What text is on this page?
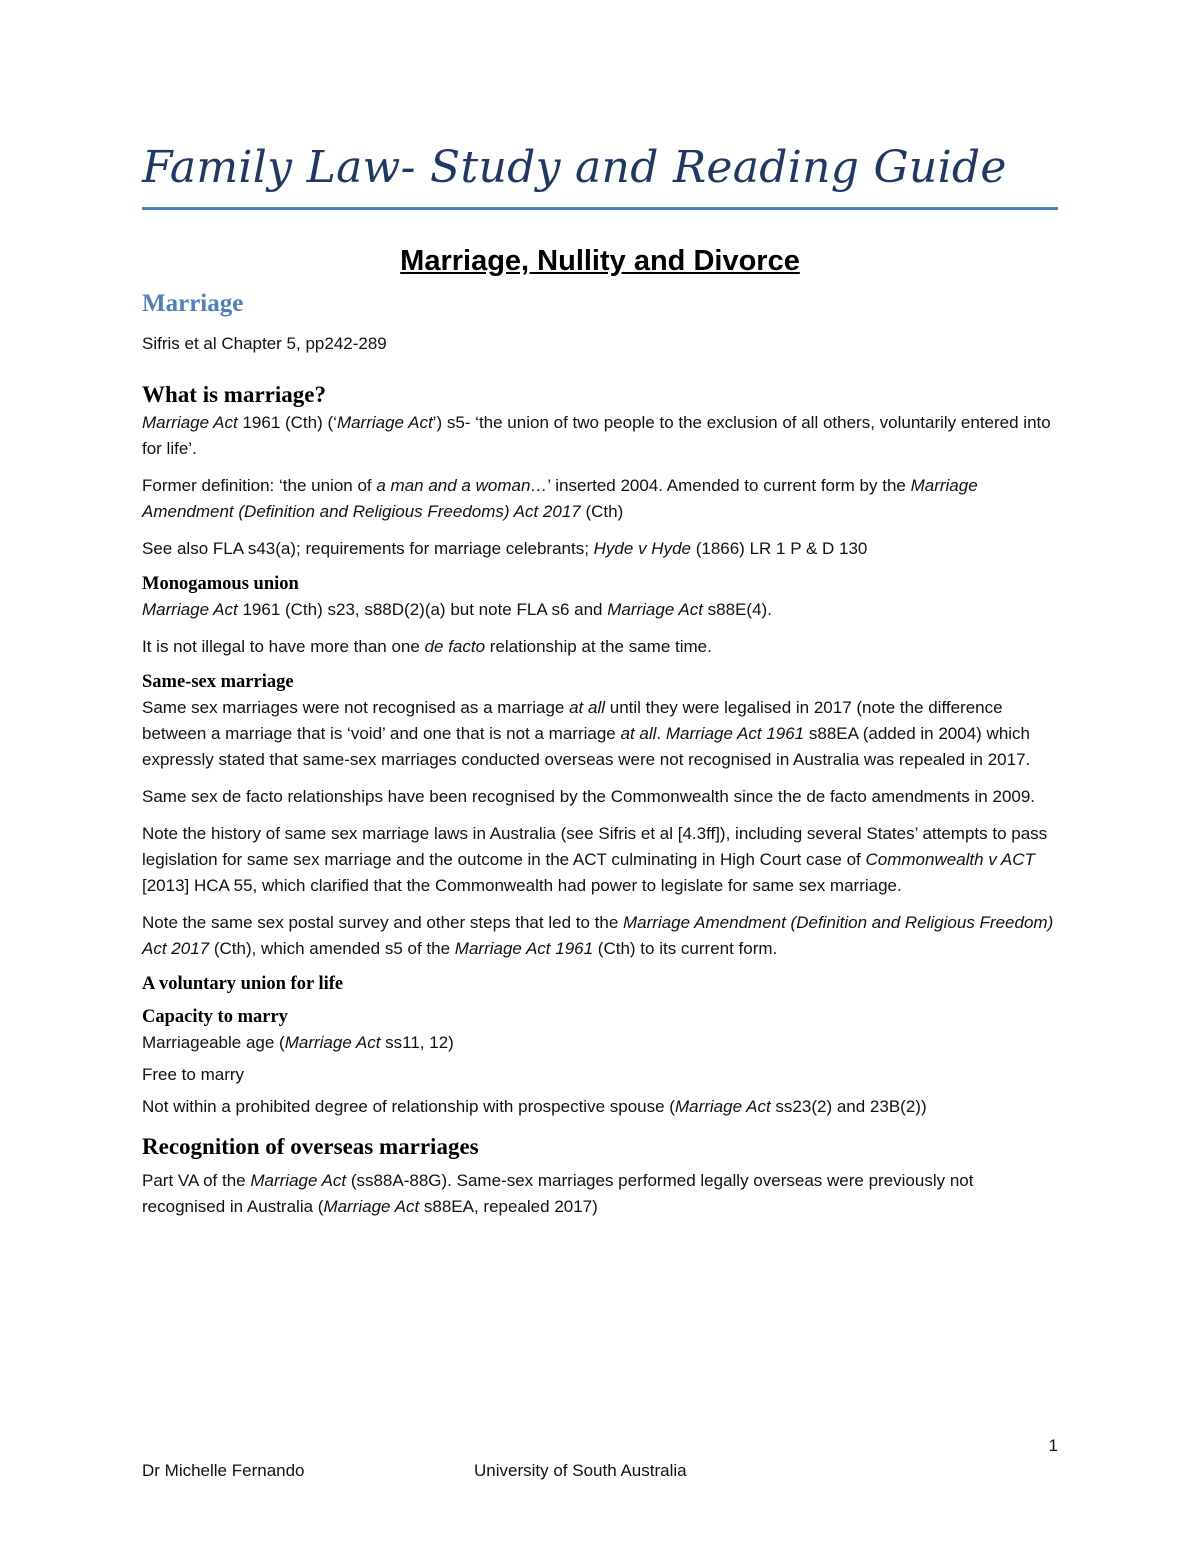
Family Law- Study and Reading Guide
Marriage, Nullity and Divorce
Marriage

Sifris et al Chapter 5, pp242-289

What is marriage?

Marriage Act 1961 (Cth) (‘Marriage Act’) s5- ‘the union of two people to the exclusion of all others, voluntarily entered into for life’.

Former definition: ‘the union of a man and a woman…’ inserted 2004. Amended to current form by the Marriage Amendment (Definition and Religious Freedoms) Act 2017 (Cth)

See also FLA s43(a); requirements for marriage celebrants; Hyde v Hyde (1866) LR 1 P & D 130

Monogamous union

Marriage Act 1961 (Cth) s23, s88D(2)(a) but note FLA s6 and Marriage Act s88E(4).

It is not illegal to have more than one de facto relationship at the same time.

Same-sex marriage

Same sex marriages were not recognised as a marriage at all until they were legalised in 2017 (note the difference between a marriage that is ‘void’ and one that is not a marriage at all. Marriage Act 1961 s88EA (added in 2004) which expressly stated that same-sex marriages conducted overseas were not recognised in Australia was repealed in 2017.

Same sex de facto relationships have been recognised by the Commonwealth since the de facto amendments in 2009.

Note the history of same sex marriage laws in Australia (see Sifris et al [4.3ff]), including several States’ attempts to pass legislation for same sex marriage and the outcome in the ACT culminating in High Court case of Commonwealth v ACT [2013] HCA 55, which clarified that the Commonwealth had power to legislate for same sex marriage.

Note the same sex postal survey and other steps that led to the Marriage Amendment (Definition and Religious Freedom) Act 2017 (Cth), which amended s5 of the Marriage Act 1961 (Cth) to its current form.

A voluntary union for life
Capacity to marry

Marriageable age (Marriage Act ss11, 12)

Free to marry

Not within a prohibited degree of relationship with prospective spouse (Marriage Act ss23(2) and 23B(2))

Recognition of overseas marriages

Part VA of the Marriage Act (ss88A-88G). Same-sex marriages performed legally overseas were previously not recognised in Australia (Marriage Act s88EA, repealed 2017)

1
Dr Michelle Fernando	University of South Australia
